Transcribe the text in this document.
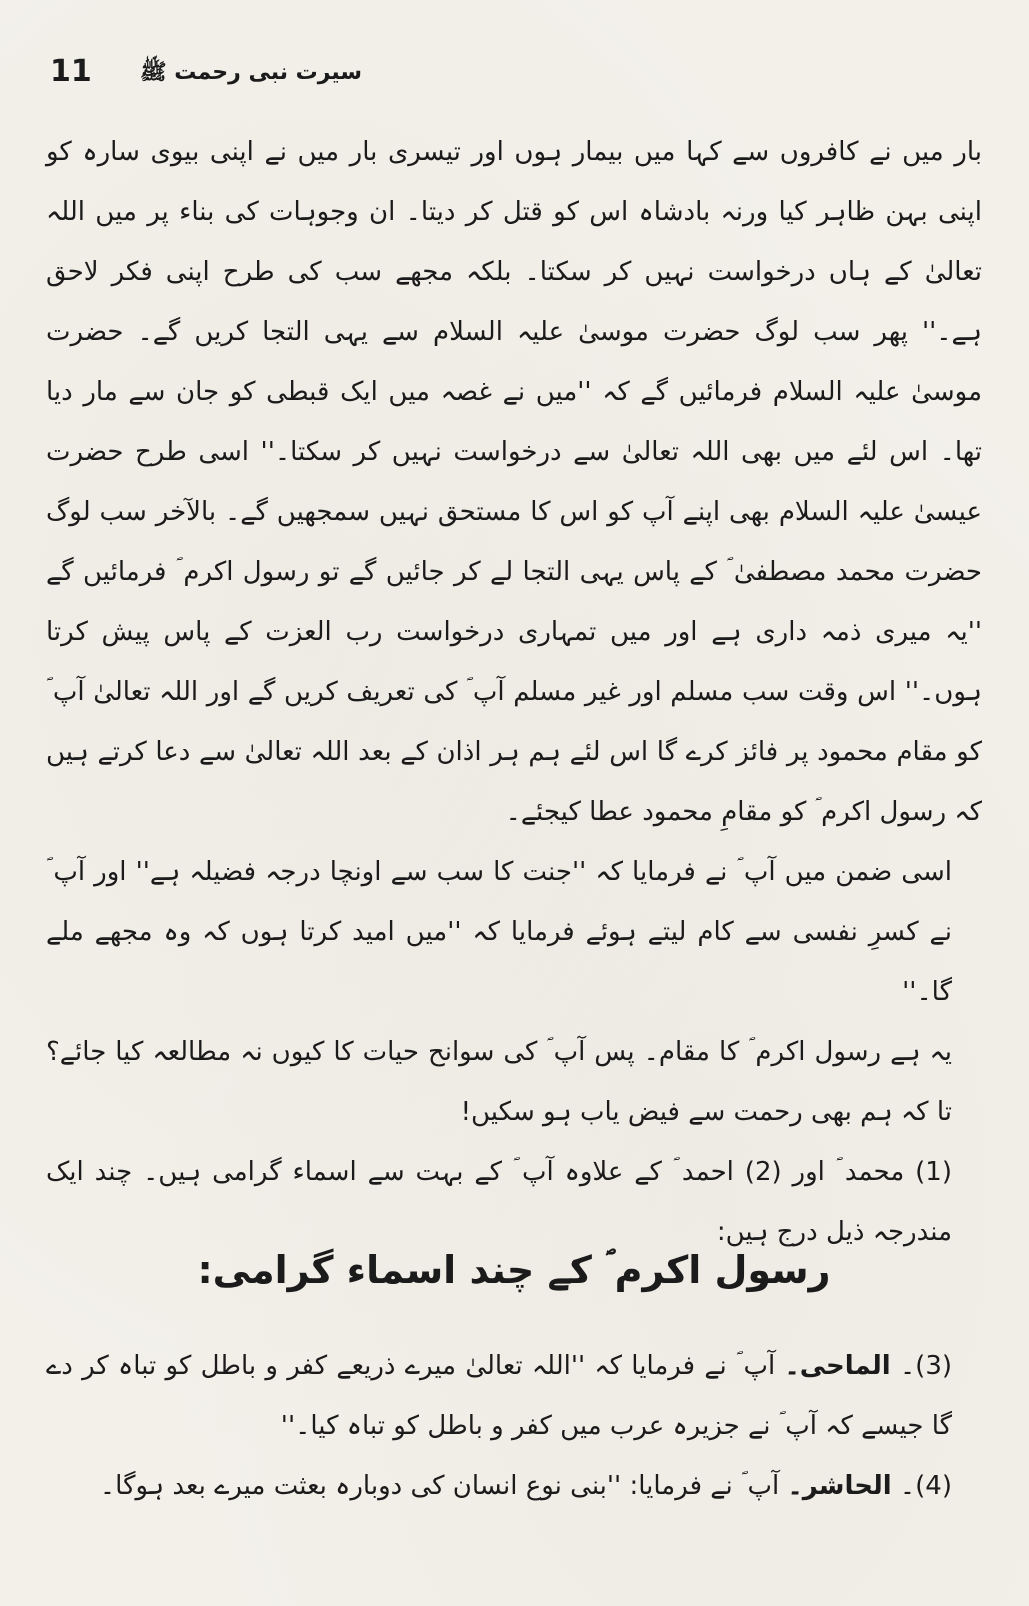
11 سیرت نبی رحمت ﷺ

بار میں نے کافروں سے کہا میں بیمار ہوں اور تیسری بار میں نے اپنی بیوی سارہ کو اپنی بہن ظاہر کیا ورنہ بادشاہ اس کو قتل کر دیتا۔ ان وجوہات کی بناء پر میں اللہ تعالیٰ کے ہاں درخواست نہیں کر سکتا۔ بلکہ مجھے سب کی طرح اپنی فکر لاحق ہے۔'' پھر سب لوگ حضرت موسیٰ علیہ السلام سے یہی التجا کریں گے۔ حضرت موسیٰ علیہ السلام فرمائیں گے کہ ''میں نے غصہ میں ایک قبطی کو جان سے مار دیا تھا۔ اس لئے میں بھی اللہ تعالیٰ سے درخواست نہیں کر سکتا۔'' اسی طرح حضرت عیسیٰ علیہ السلام بھی اپنے آپ کو اس کا مستحق نہیں سمجھیں گے۔ بالآخر سب لوگ حضرت محمد مصطفیٰ ؐ کے پاس یہی التجا لے کر جائیں گے تو رسول اکرم ؐ فرمائیں گے ''یہ میری ذمہ داری ہے اور میں تمہاری درخواست رب العزت کے پاس پیش کرتا ہوں۔'' اس وقت سب مسلم اور غیر مسلم آپ ؐ کی تعریف کریں گے اور اللہ تعالیٰ آپ ؐ کو مقام محمود پر فائز کرے گا اس لئے ہم ہر اذان کے بعد اللہ تعالیٰ سے دعا کرتے ہیں کہ رسول اکرم ؐ کو مقامِ محمود عطا کیجئے۔

اسی ضمن میں آپ ؐ نے فرمایا کہ ''جنت کا سب سے اونچا درجہ فضیلہ ہے'' اور آپ ؐ نے کسرِ نفسی سے کام لیتے ہوئے فرمایا کہ ''میں امید کرتا ہوں کہ وہ مجھے ملے گا۔''

یہ ہے رسول اکرم ؐ کا مقام۔ پس آپ ؐ کی سوانح حیات کا کیوں نہ مطالعہ کیا جائے؟ تا کہ ہم بھی رحمت سے فیض یاب ہو سکیں!

(1) محمد ؐ اور (2) احمد ؐ کے علاوہ آپ ؐ کے بہت سے اسماء گرامی ہیں۔ چند ایک مندرجہ ذیل درج ہیں:

رسول اکرم ؐ کے چند اسماء گرامی:

(3)۔ الماحی۔ آپ ؐ نے فرمایا کہ ''اللہ تعالیٰ میرے ذریعے کفر و باطل کو تباہ کر دے گا جیسے کہ آپ ؐ نے جزیرہ عرب میں کفر و باطل کو تباہ کیا۔''

(4)۔ الحاشر۔ آپ ؐ نے فرمایا: ''بنی نوع انسان کی دوبارہ بعثت میرے بعد ہوگا۔
